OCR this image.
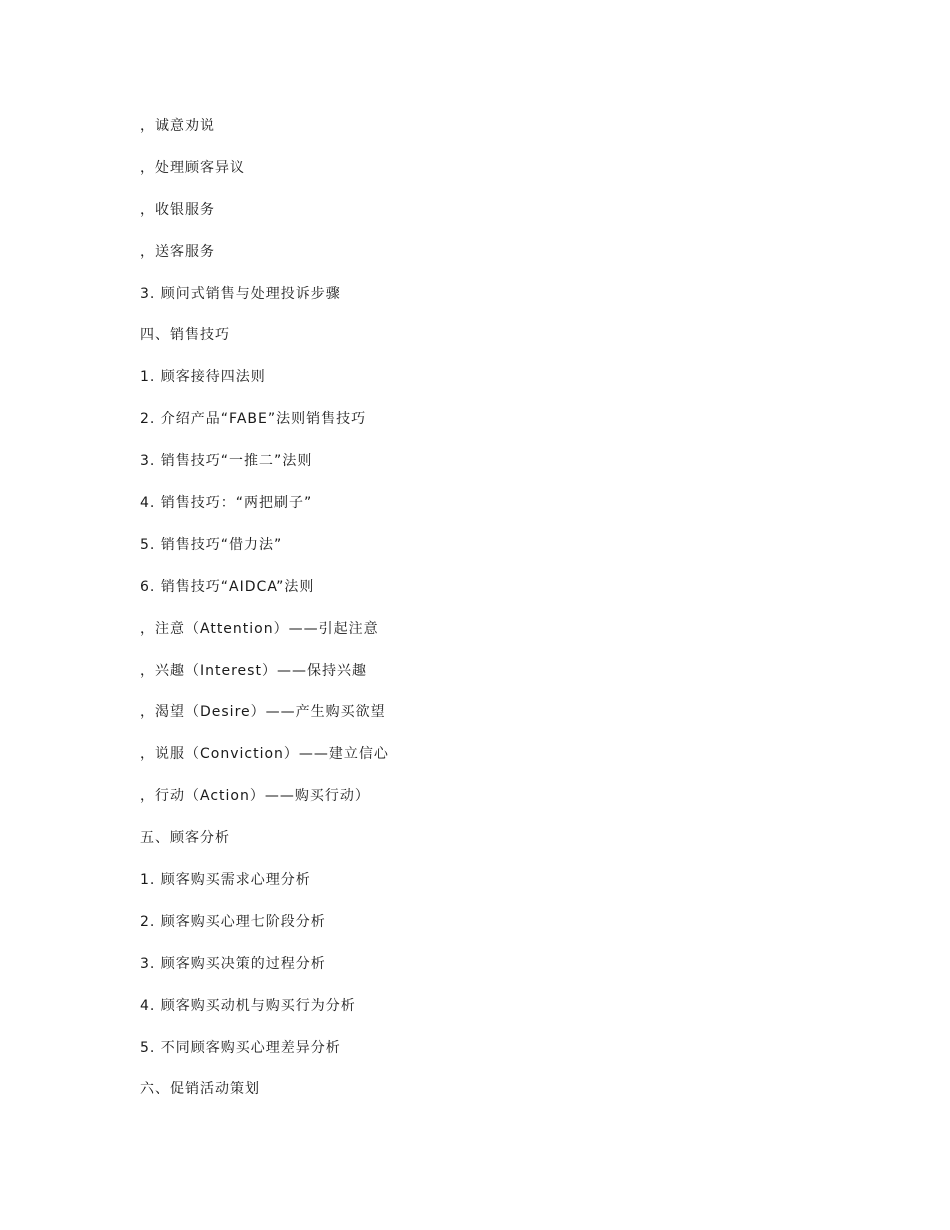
，诚意劝说
，处理顾客异议
，收银服务
，送客服务
3. 顾问式销售与处理投诉步骤
四、销售技巧
1. 顾客接待四法则
2. 介绍产品“FABE”法则销售技巧
3. 销售技巧“一推二”法则
4. 销售技巧：“两把刷子”
5. 销售技巧“借力法”
6. 销售技巧“AIDCA”法则
，注意（Attention）——引起注意
，兴趣（Interest）——保持兴趣
，渴望（Desire）——产生购买欲望
，说服（Conviction）——建立信心
，行动（Action）——购买行动）
五、顾客分析
1. 顾客购买需求心理分析
2. 顾客购买心理七阶段分析
3. 顾客购买决策的过程分析
4. 顾客购买动机与购买行为分析
5. 不同顾客购买心理差异分析
六、促销活动策划
